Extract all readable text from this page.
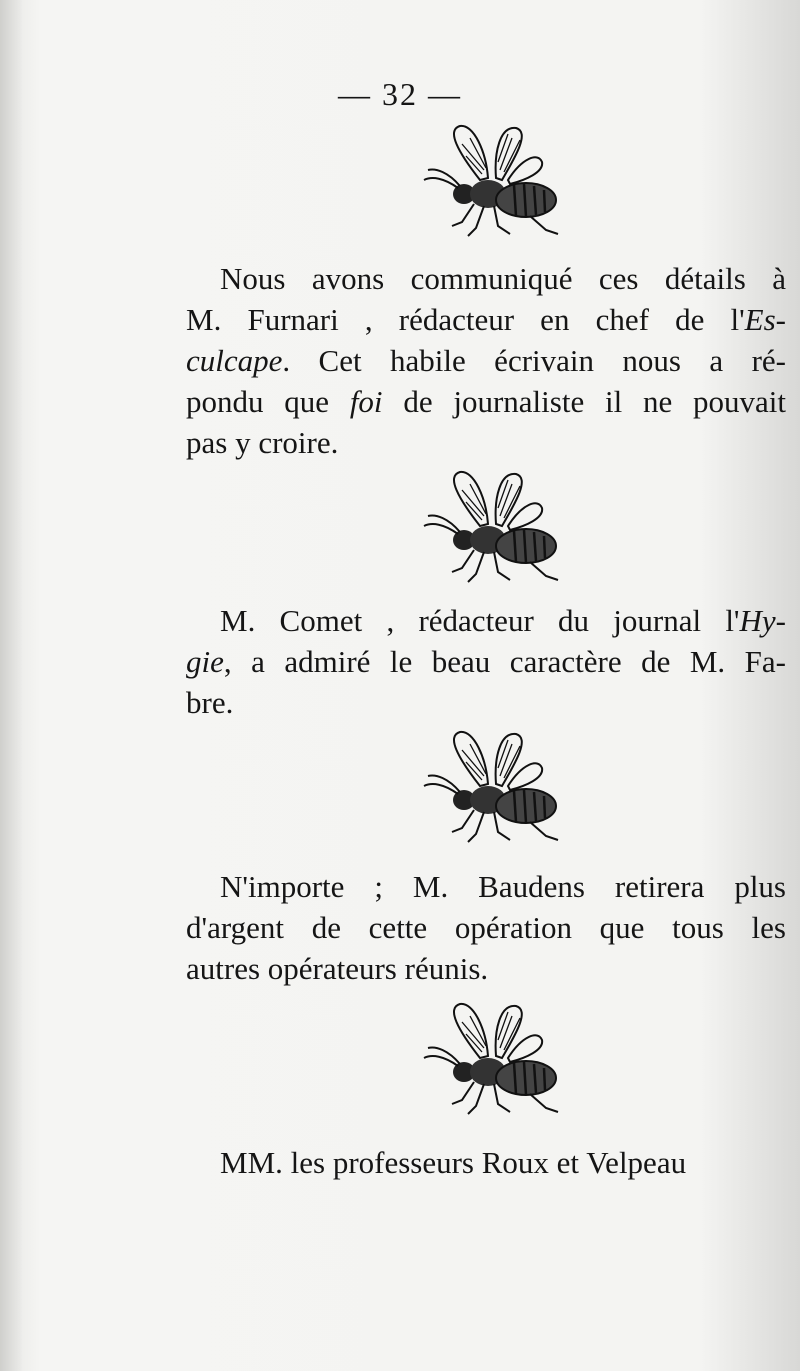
— 32 —
Nous avons communiqué ces détails à
M. Furnari , rédacteur en chef de l'Es-
culcape. Cet habile écrivain nous a ré-
pondu que foi de journaliste il ne pouvait
pas y croire.
M. Comet , rédacteur du journal l'Hy-
gie, a admiré le beau caractère de M. Fa-
bre.
N'importe ; M. Baudens retirera plus
d'argent de cette opération que tous les
autres opérateurs réunis.
MM. les professeurs Roux et Velpeau
